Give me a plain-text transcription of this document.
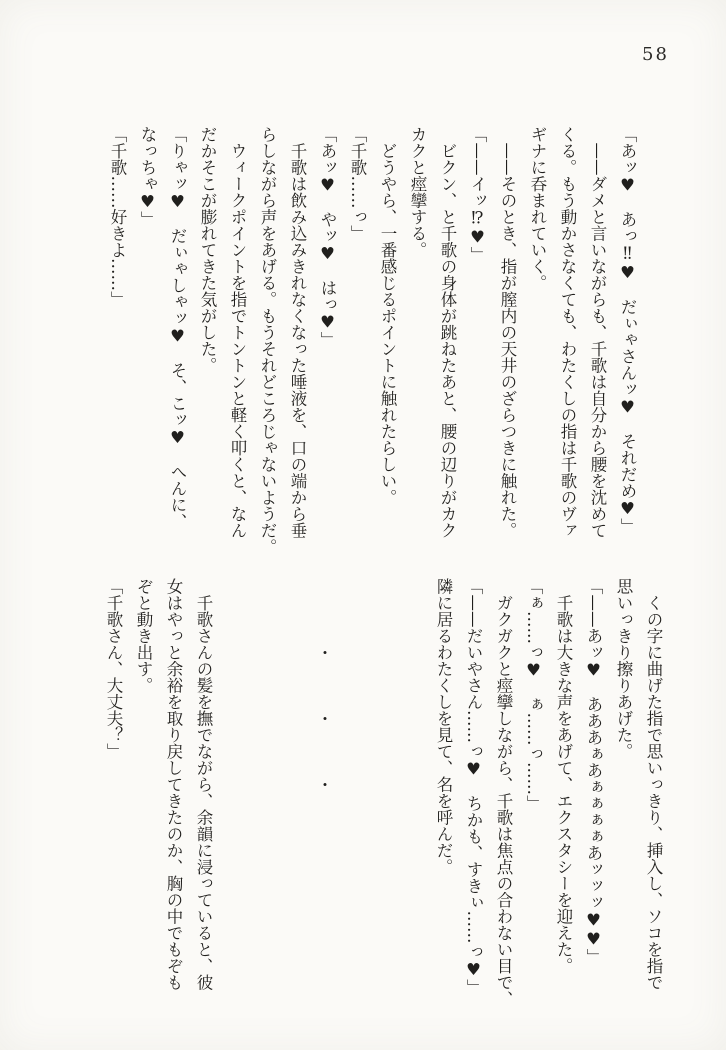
58

「あッ♥　あっ‼♥　だぃゃさんッ♥　それだめ♥」

　——ダメと言いながらも、千歌は自分から腰を沈めて

くる。もう動かさなくても、わたくしの指は千歌のヴァ

ギナに呑まれていく。

　——そのとき、指が膣内の天井のざらつきに触れた。

「——イッ⁉♥」

　ビクン、と千歌の身体が跳ねたあと、腰の辺りがカク

カクと痙攣する。

　どうやら、一番感じるポイントに触れたらしい。

「千歌……っ」

「あッ♥　やッ♥　はっ♥」

　千歌は飲み込みきれなくなった唾液を、口の端から垂

らしながら声をあげる。もうそれどころじゃないようだ。

　ウィークポイントを指でトントンと軽く叩くと、なん

だかそこが膨れてきた気がした。

「りゃッ♥　だぃゃしゃッ♥　そ、こッ♥　へんに、

なっちゃ♥」

「千歌……好きよ……」

　くの字に曲げた指で思いっきり、挿入し、ソコを指で

思いっきり擦りあげた。

「——あッ♥　あああぁあぁぁぁぁあッッッ♥♥」

　千歌は大きな声をあげて、エクスタシーを迎えた。

「ぁ……っ♥　ぁ……っ……」

　ガクガクと痙攣しながら、千歌は焦点の合わない目で、

「——だいやさん……っ♥　ちかも、すきぃ……っ♥」

隣に居るわたくしを見て、名を呼んだ。

　　　　・　　　・　　　・

　千歌さんの髪を撫でながら、余韻に浸っていると、彼

女はやっと余裕を取り戻してきたのか、胸の中でもぞも

ぞと動き出す。

「千歌さん、大丈夫？」
